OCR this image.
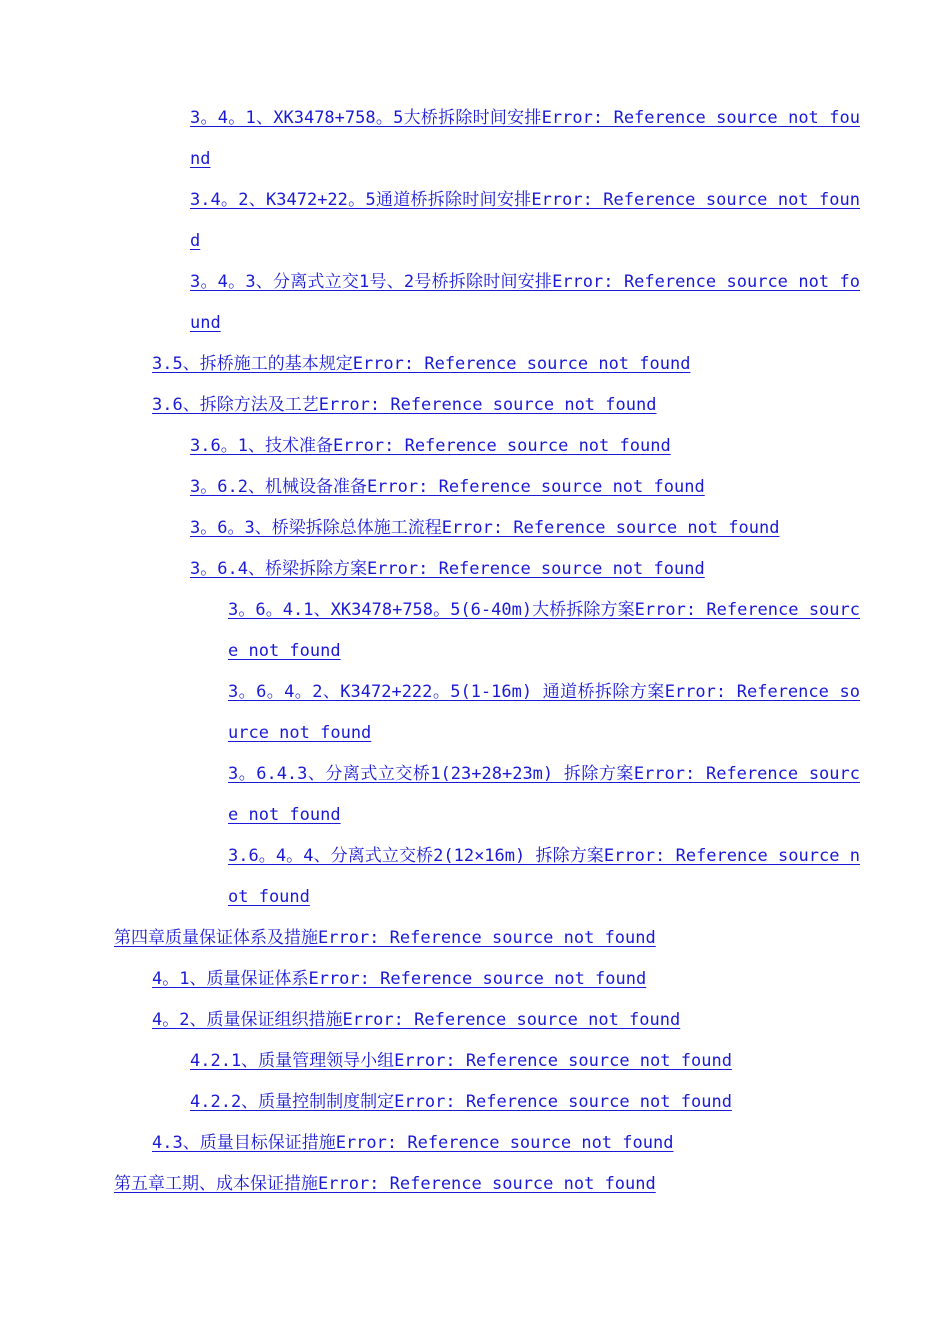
3。4。1、XK3478+758。5大桥拆除时间安排Error: Reference source not found
3.4。2、K3472+22。5通道桥拆除时间安排Error: Reference source not found
3。4。3、分离式立交1号、2号桥拆除时间安排Error: Reference source not found
3.5、拆桥施工的基本规定Error: Reference source not found
3.6、拆除方法及工艺Error: Reference source not found
3.6。1、技术准备Error: Reference source not found
3。6.2、机械设备准备Error: Reference source not found
3。6。3、桥梁拆除总体施工流程Error: Reference source not found
3。6.4、桥梁拆除方案Error: Reference source not found
3。6。4.1、XK3478+758。5(6-40m)大桥拆除方案Error: Reference source not found
3。6。4。2、K3472+222。5(1-16m) 通道桥拆除方案Error: Reference source not found
3。6.4.3、分离式立交桥1(23+28+23m) 拆除方案Error: Reference source not found
3.6。4。4、分离式立交桥2(12×16m) 拆除方案Error: Reference source not found
第四章质量保证体系及措施Error: Reference source not found
4。1、质量保证体系Error: Reference source not found
4。2、质量保证组织措施Error: Reference source not found
4.2.1、质量管理领导小组Error: Reference source not found
4.2.2、质量控制制度制定Error: Reference source not found
4.3、质量目标保证措施Error: Reference source not found
第五章工期、成本保证措施Error: Reference source not found
